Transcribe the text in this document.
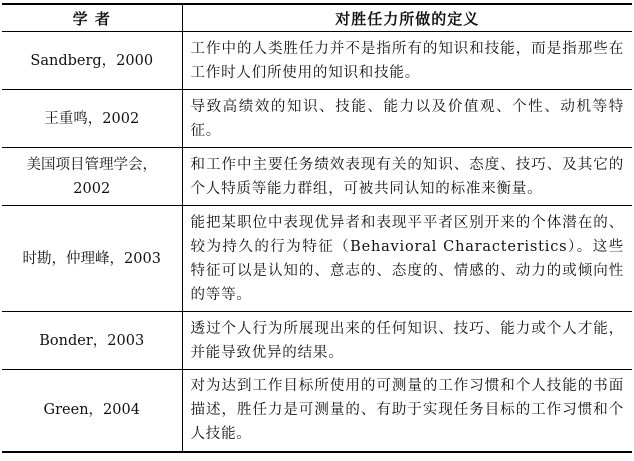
学 者	对胜任力所做的定义
Sandberg，2000	工作中的人类胜任力并不是指所有的知识和技能，而是指那些在工作时人们所使用的知识和技能。
王重鸣，2002	导致高绩效的知识、技能、能力以及价值观、个性、动机等特征。
美国项目管理学会，2002	和工作中主要任务绩效表现有关的知识、态度、技巧、及其它的个人特质等能力群组，可被共同认知的标准来衡量。
时勘，仲理峰，2003	能把某职位中表现优异者和表现平平者区别开来的个体潜在的、较为持久的行为特征（Behavioral Characteristics）。这些特征可以是认知的、意志的、态度的、情感的、动力的或倾向性的等等。
Bonder，2003	透过个人行为所展现出来的任何知识、技巧、能力或个人才能，并能导致优异的结果。
Green，2004	对为达到工作目标所使用的可测量的工作习惯和个人技能的书面描述，胜任力是可测量的、有助于实现任务目标的工作习惯和个人技能。
